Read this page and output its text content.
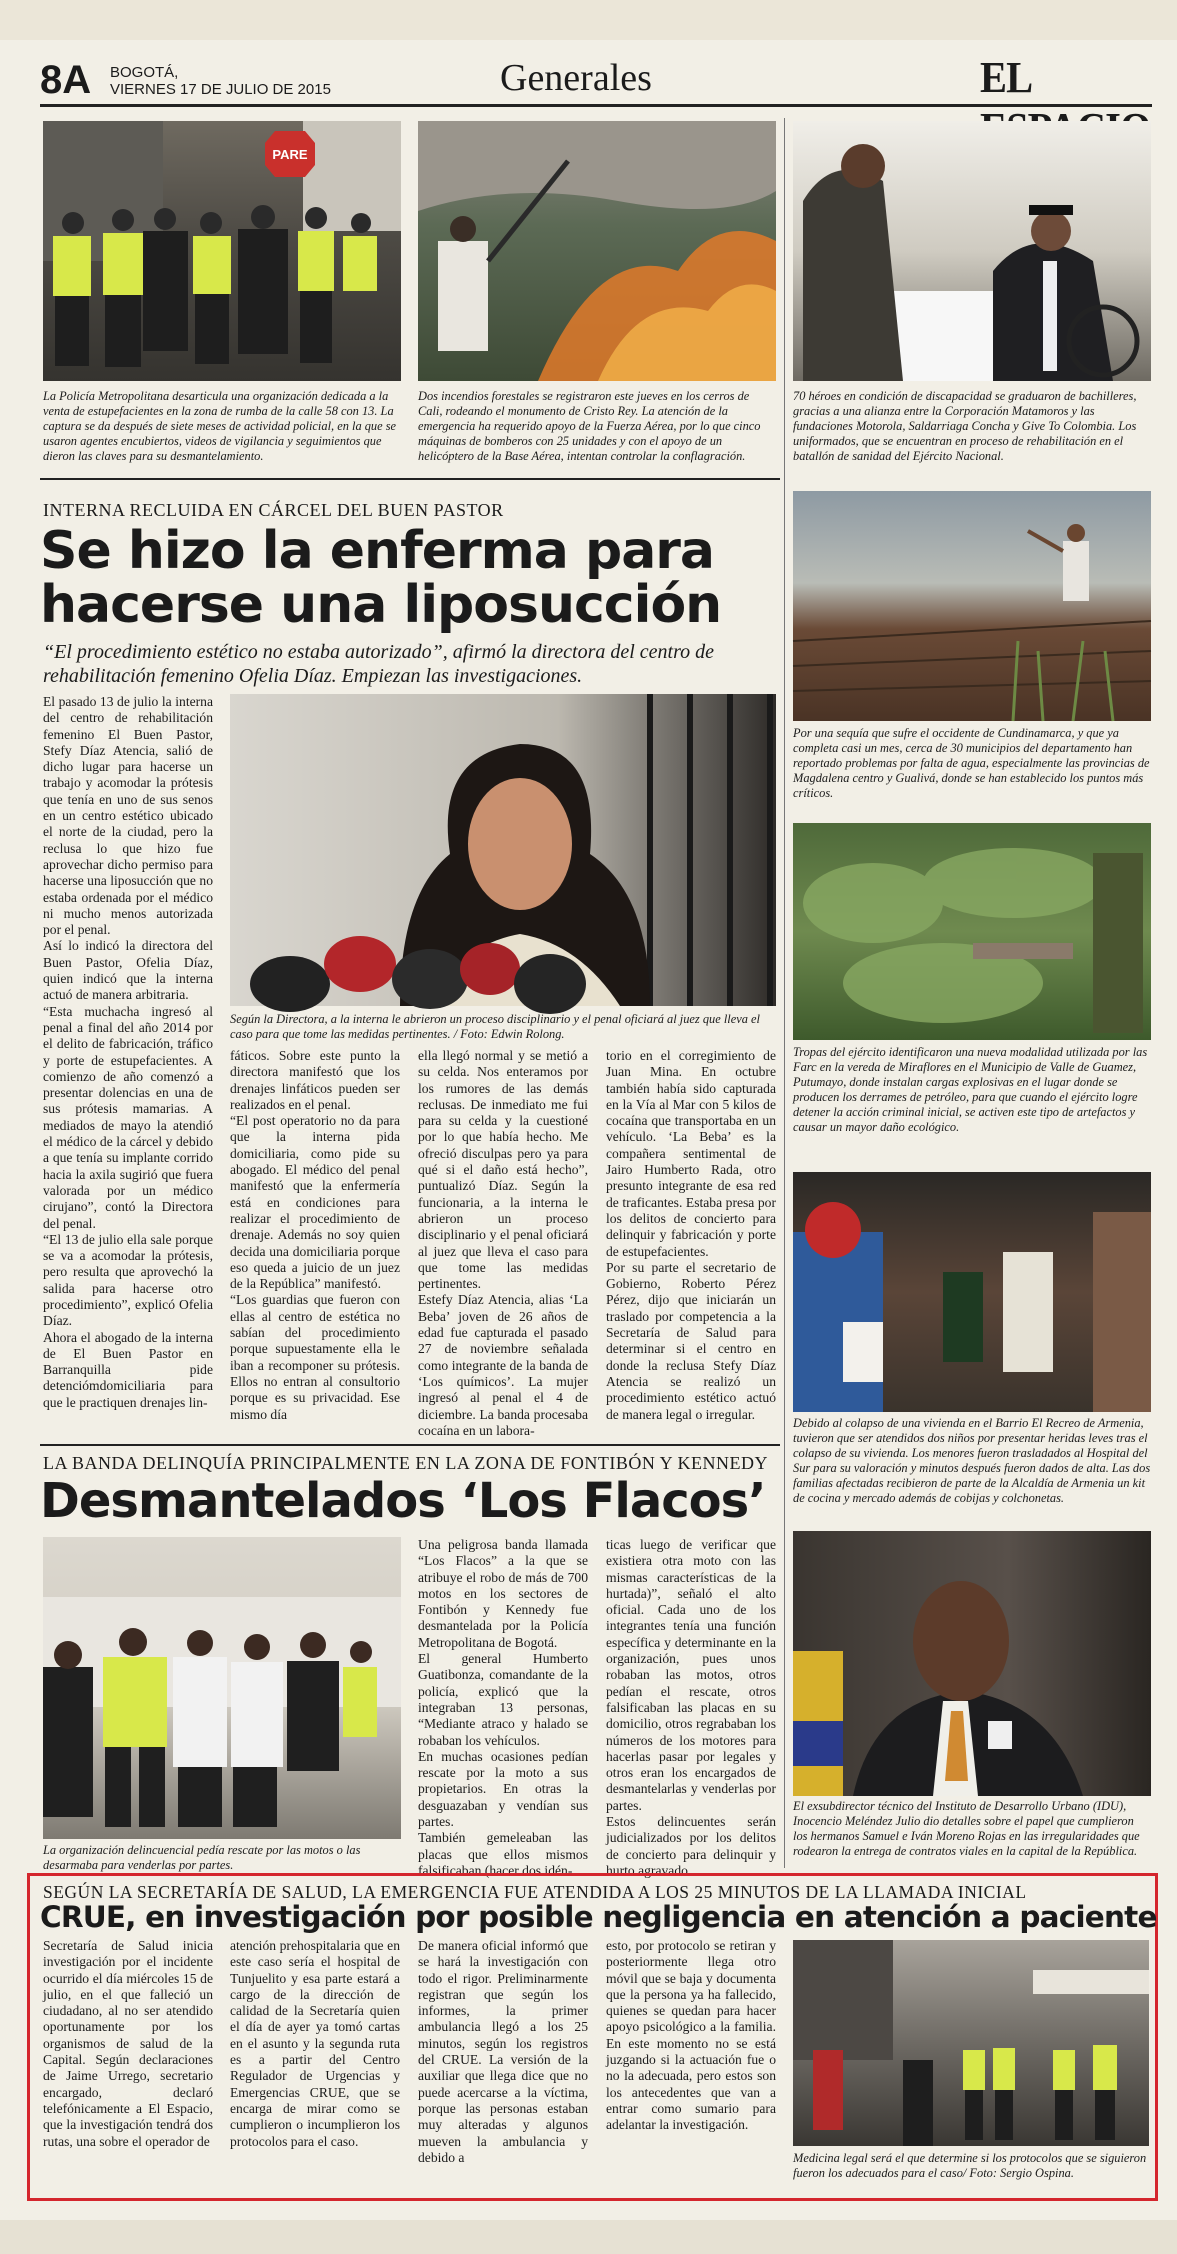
8A BOGOTÁ,
VIERNES 17 DE JULIO DE 2015	Generales	EL
PARE
La Policía Metropolitana desarticula una organización dedicada a la venta de estupefacientes en la zona de rumba de la calle 58 con 13. La captura se da después de siete meses de actividad policial, en la que se usaron agentes encubiertos, videos de vigilancia y seguimientos que dieron las claves para su desmantelamiento.
Dos incendios forestales se registraron este jueves en los cerros de Cali, rodeando el monumento de Cristo Rey. La atención de la emergencia ha requerido apoyo de la Fuerza Aérea, por lo que cinco máquinas de bomberos con 25 unidades y con el apoyo de un helicóptero de la Base Aérea, intentan controlar la conflagración.
70 héroes en condición de discapacidad se graduaron de bachilleres, gracias a una alianza entre la Corporación Matamoros y las fundaciones Motorola, Saldarriaga Concha y Give To Colombia. Los uniformados, que se encuentran en proceso de rehabilitación en el batallón de sanidad del Ejército Nacional.
INTERNA RECLUIDA EN CÁRCEL DEL BUEN PASTOR
Se hizo la enferma para
hacerse una liposucción
“El procedimiento estético no estaba autorizado”, afirmó la directora del centro de rehabilitación femenino Ofelia Díaz. Empiezan las investigaciones.
El pasado 13 de julio la interna del centro de rehabilitación femenino El Buen Pastor, Stefy Díaz Atencia, salió de dicho lugar para hacerse un trabajo y acomodar la prótesis que tenía en uno de sus senos en un centro estético ubicado el norte de la ciudad, pero la reclusa lo que hizo fue aprovechar dicho permiso para hacerse una liposucción que no estaba ordenada por el médico ni mucho menos autorizada por el penal.
Así lo indicó la directora del Buen Pastor, Ofelia Díaz, quien indicó que la interna actuó de manera arbitraria.
“Esta muchacha ingresó al penal a final del año 2014 por el delito de fabricación, tráfico y porte de estupefacientes. A comienzo de año comenzó a presentar dolencias en una de sus prótesis mamarias. A mediados de mayo la atendió el médico de la cárcel y debido a que tenía su implante corrido hacia la axila sugirió que fuera valorada por un médico cirujano”, contó la Directora del penal.
“El 13 de julio ella sale porque se va a acomodar la prótesis, pero resulta que aprovechó la salida para hacerse otro procedimiento”, explicó Ofelia Díaz.
Ahora el abogado de la interna de El Buen Pastor en Barranquilla pide detenciómdomiciliaria para que le practiquen drenajes lin-
Según la Directora, a la interna le abrieron un proceso disciplinario y el penal oficiará al juez que lleva el caso para que tome las medidas pertinentes. / Foto: Edwin Rolong.
fáticos. Sobre este punto la directora manifestó que los drenajes linfáticos pueden ser realizados en el penal.
“El post operatorio no da para que la interna pida domiciliaria, como pide su abogado. El médico del penal manifestó que la enfermería está en condiciones para realizar el procedimiento de drenaje. Además no soy quien decida una domiciliaria porque eso queda a juicio de un juez de la República” manifestó.
“Los guardias que fueron con ellas al centro de estética no sabían del procedimiento porque supuestamente ella le iban a recomponer su prótesis. Ellos no entran al consultorio porque es su privacidad. Ese mismo día
ella llegó normal y se metió a su celda. Nos enteramos por los rumores de las demás reclusas. De inmediato me fui para su celda y la cuestioné por lo que había hecho. Me ofreció disculpas pero ya para qué si el daño está hecho”, puntualizó Díaz. Según la funcionaria, a la interna le abrieron un proceso disciplinario y el penal oficiará al juez que lleva el caso para que tome las medidas pertinentes.
Estefy Díaz Atencia, alias ‘La Beba’ joven de 26 años de edad fue capturada el pasado 27 de noviembre señalada como integrante de la banda de ‘Los químicos’. La mujer ingresó al penal el 4 de diciembre. La banda procesaba cocaína en un labora-
torio en el corregimiento de Juan Mina. En octubre también había sido capturada en la Vía al Mar con 5 kilos de cocaína que transportaba en un vehículo. ‘La Beba’ es la compañera sentimental de Jairo Humberto Rada, otro presunto integrante de esa red de traficantes. Estaba presa por los delitos de concierto para delinquir y fabricación y porte de estupefacientes.
Por su parte el secretario de Gobierno, Roberto Pérez Pérez, dijo que iniciarán un traslado por competencia a la Secretaría de Salud para determinar si el centro en donde la reclusa Stefy Díaz Atencia se realizó un procedimiento estético actuó de manera legal o irregular.
LA BANDA DELINQUÍA PRINCIPALMENTE EN LA ZONA DE FONTIBÓN Y KENNEDY
Desmantelados ‘Los Flacos’
La organización delincuencial pedía rescate por las motos o las desarmaba para venderlas por partes.
Una peligrosa banda llamada “Los Flacos” a la que se atribuye el robo de más de 700 motos en los sectores de Fontibón y Kennedy fue desmantelada por la Policía Metropolitana de Bogotá.
El general Humberto Guatibonza, comandante de la policía, explicó que la integraban 13 personas, “Mediante atraco y halado se robaban los vehículos.
En muchas ocasiones pedían rescate por la moto a sus propietarios. En otras la desguazaban y vendían sus partes.
También gemeleaban las placas que ellos mismos falsificaban (hacer dos idén-
ticas luego de verificar que existiera otra moto con las mismas características de la hurtada)”, señaló el alto oficial. Cada uno de los integrantes tenía una función específica y determinante en la organización, pues unos robaban las motos, otros pedían el rescate, otros falsificaban las placas en su domicilio, otros regrababan los números de los motores para hacerlas pasar por legales y otros eran los encargados de desmantelarlas y venderlas por partes.
Estos delincuentes serán judicializados por los delitos de concierto para delinquir y hurto agravado.
Por una sequía que sufre el occidente de Cundinamarca, y que ya completa casi un mes, cerca de 30 municipios del departamento han reportado problemas por falta de agua, especialmente las provincias de Magdalena centro y Gualivá, donde se han establecido los puntos más críticos.
Tropas del ejército identificaron una nueva modalidad utilizada por las Farc en la vereda de Miraflores en el Municipio de Valle de Guamez, Putumayo, donde instalan cargas explosivas en el lugar donde se producen los derrames de petróleo, para que cuando el ejército logre detener la acción criminal inicial, se activen este tipo de artefactos y causar un mayor daño ecológico.
Debido al colapso de una vivienda en el Barrio El Recreo de Armenia, tuvieron que ser atendidos dos niños por presentar heridas leves tras el colapso de su vivienda. Los menores fueron trasladados al Hospital del Sur para su valoración y minutos después fueron dados de alta. Las dos familias afectadas recibieron de parte de la Alcaldía de Armenia un kit de cocina y mercado además de cobijas y colchonetas.
El exsubdirector técnico del Instituto de Desarrollo Urbano (IDU), Inocencio Meléndez Julio dio detalles sobre el papel que cumplieron los hermanos Samuel e Iván Moreno Rojas en las irregularidades que rodearon la entrega de contratos viales en la capital de la República.
SEGÚN LA SECRETARÍA DE SALUD, LA EMERGENCIA FUE ATENDIDA A LOS 25 MINUTOS DE LA LLAMADA INICIAL
CRUE, en investigación por posible negligencia en atención a paciente
Secretaría de Salud inicia investigación por el incidente ocurrido el día miércoles 15 de julio, en el que falleció un ciudadano, al no ser atendido oportunamente por los organismos de salud de la Capital. Según declaraciones de Jaime Urrego, secretario encargado, declaró telefónicamente a El Espacio, que la investigación tendrá dos rutas, una sobre el operador de
atención prehospitalaria que en este caso sería el hospital de Tunjuelito y esa parte estará a cargo de la dirección de calidad de la Secretaría quien el día de ayer ya tomó cartas en el asunto y la segunda ruta es a partir del Centro Regulador de Urgencias y Emergencias CRUE, que se encarga de mirar como se cumplieron o incumplieron los protocolos para el caso.
De manera oficial informó que se hará la investigación con todo el rigor. Preliminarmente registran que según los informes, la primer ambulancia llegó a los 25 minutos, según los registros del CRUE. La versión de la auxiliar que llega dice que no puede acercarse a la víctima, porque las personas estaban muy alteradas y algunos mueven la ambulancia y debido a
esto, por protocolo se retiran y posteriormente llega otro móvil que se baja y documenta que la persona ya ha fallecido, quienes se quedan para hacer apoyo psicológico a la familia. En este momento no se está juzgando si la actuación fue o no la adecuada, pero estos son los antecedentes que van a entrar como sumario para adelantar la investigación.
Medicina legal será el que determine si los protocolos que se siguieron fueron los adecuados para el caso/ Foto: Sergio Ospina.
